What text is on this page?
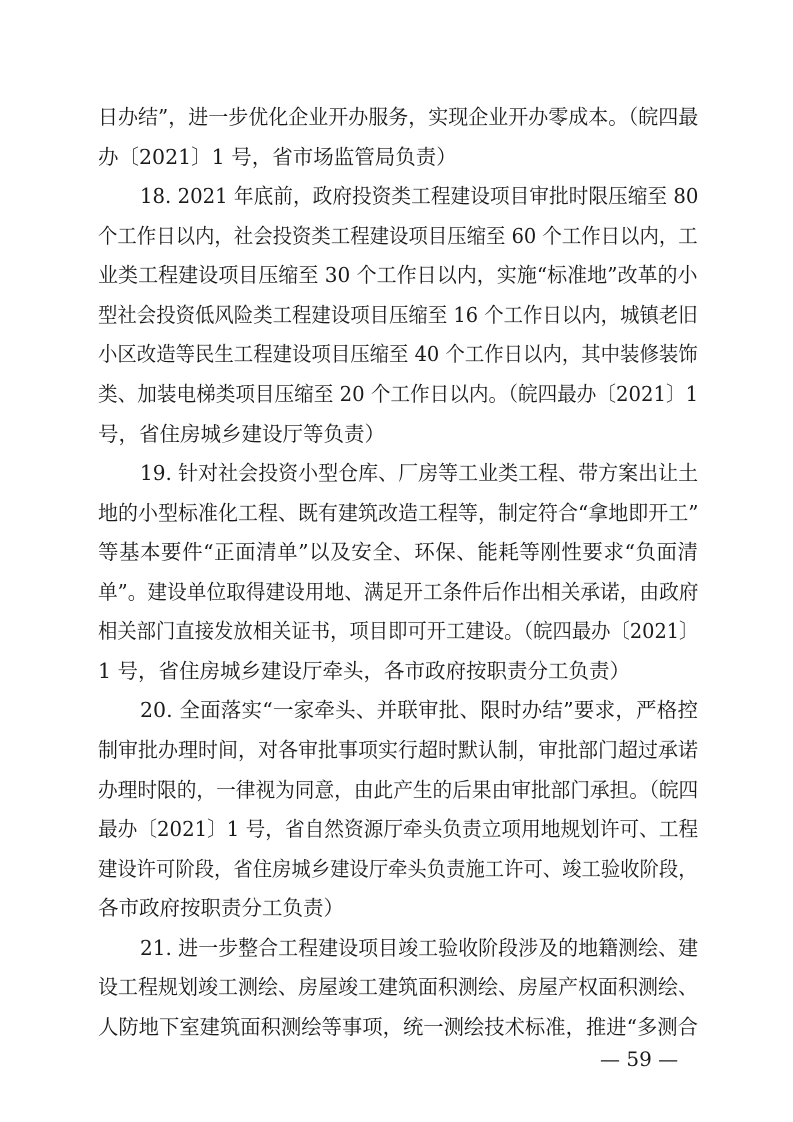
日办结”，进一步优化企业开办服务，实现企业开办零成本。（皖四最
办〔2021〕1 号，省市场监管局负责）
18. 2021 年底前，政府投资类工程建设项目审批时限压缩至 80
个工作日以内，社会投资类工程建设项目压缩至 60 个工作日以内，工
业类工程建设项目压缩至 30 个工作日以内，实施“标准地”改革的小
型社会投资低风险类工程建设项目压缩至 16 个工作日以内，城镇老旧
小区改造等民生工程建设项目压缩至 40 个工作日以内，其中装修装饰
类、加装电梯类项目压缩至 20 个工作日以内。（皖四最办〔2021〕1
号，省住房城乡建设厅等负责）
19. 针对社会投资小型仓库、厂房等工业类工程、带方案出让土
地的小型标准化工程、既有建筑改造工程等，制定符合“拿地即开工”
等基本要件“正面清单”以及安全、环保、能耗等刚性要求“负面清
单”。建设单位取得建设用地、满足开工条件后作出相关承诺，由政府
相关部门直接发放相关证书，项目即可开工建设。（皖四最办〔2021〕
1 号，省住房城乡建设厅牵头，各市政府按职责分工负责）
20. 全面落实“一家牵头、并联审批、限时办结”要求，严格控
制审批办理时间，对各审批事项实行超时默认制，审批部门超过承诺
办理时限的，一律视为同意，由此产生的后果由审批部门承担。（皖四
最办〔2021〕1 号，省自然资源厅牵头负责立项用地规划许可、工程
建设许可阶段，省住房城乡建设厅牵头负责施工许可、竣工验收阶段，
各市政府按职责分工负责）
21. 进一步整合工程建设项目竣工验收阶段涉及的地籍测绘、建
设工程规划竣工测绘、房屋竣工建筑面积测绘、房屋产权面积测绘、
人防地下室建筑面积测绘等事项，统一测绘技术标准，推进“多测合
— 59 —
